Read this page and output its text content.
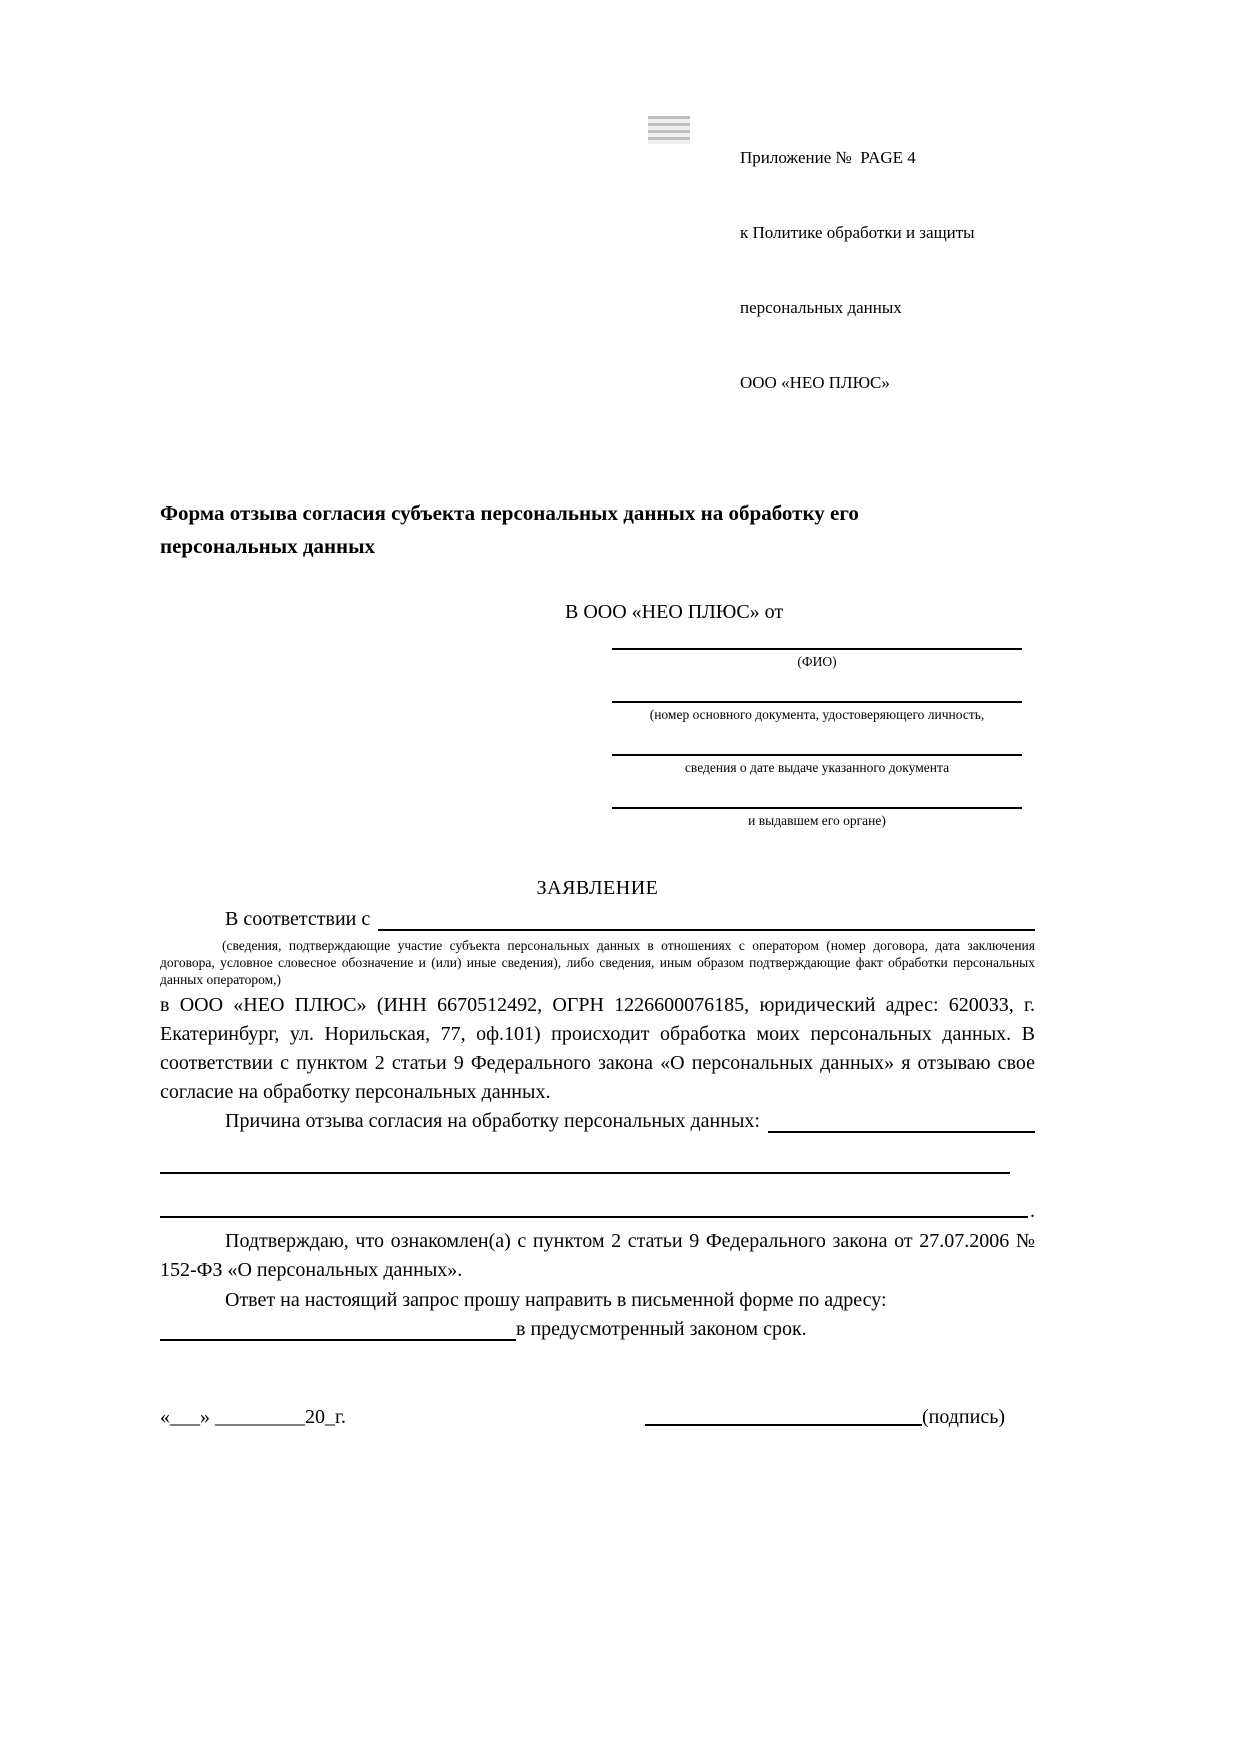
Приложение №  PAGE 4

к Политике обработки и защиты

персональных данных

ООО «НЕО ПЛЮС»

Форма отзыва согласия субъекта персональных данных на обработку его
персональных данных
В ООО «НЕО ПЛЮС» от
(ФИО)
(номер основного документа, удостоверяющего личность,
сведения о дате выдаче указанного документа
и выдавшем его органе)
ЗАЯВЛЕНИЕ
В соответствии с
(сведения, подтверждающие участие субъекта персональных данных в отношениях с оператором (номер договора, дата заключения договора, условное словесное обозначение и (или) иные сведения), либо сведения, иным образом подтверждающие факт обработки персональных данных оператором,)
в ООО «НЕО ПЛЮС» (ИНН 6670512492, ОГРН 1226600076185, юридический адрес: 620033, г. Екатеринбург, ул. Норильская, 77, оф.101) происходит обработка моих персональных данных. В соответствии с пунктом 2 статьи 9 Федерального закона «О персональных данных» я отзываю свое согласие на обработку персональных данных.
Причина отзыва согласия на обработку персональных данных:
.
Подтверждаю, что ознакомлен(а) с пунктом 2 статьи 9 Федерального закона от 27.07.2006 № 152-ФЗ «О персональных данных».
Ответ на настоящий запрос прошу направить в письменной форме по адресу:
в предусмотренный законом срок.
«___» _________20_г.	(подпись)
